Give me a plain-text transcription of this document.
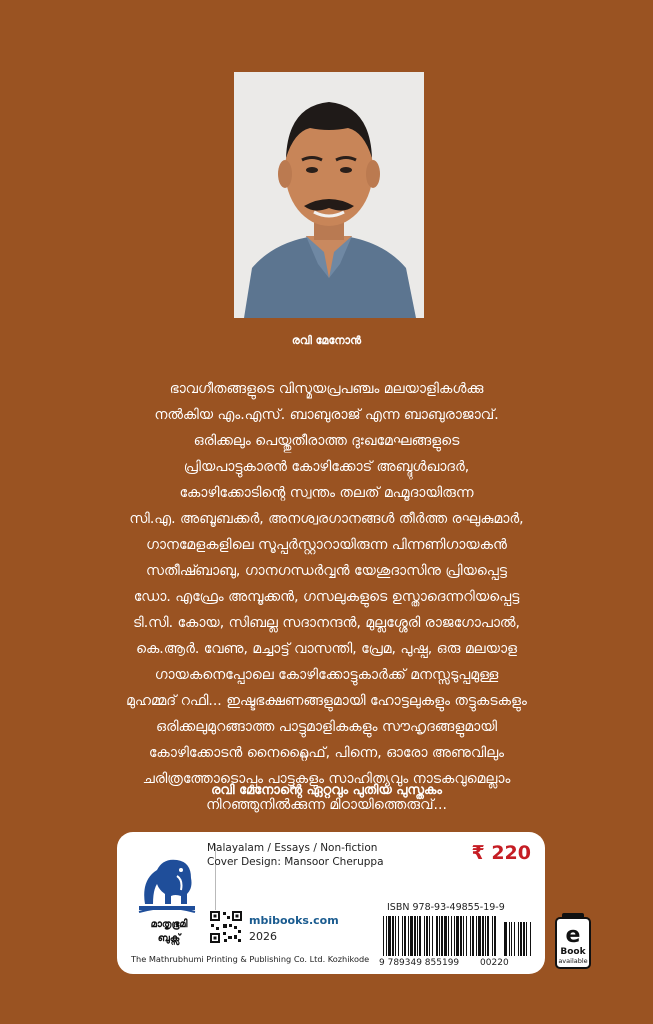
രവി മേനോൻ

ഭാവഗീതങ്ങളുടെ വിസ്മയപ്രപഞ്ചം മലയാളികൾക്കു

നൽകിയ എം.എസ്. ബാബുരാജ് എന്ന ബാബുരാജാവ്.

ഒരിക്കലും പെയ്തുതീരാത്ത ദുഃഖമേഘങ്ങളുടെ

പ്രിയപാട്ടുകാരൻ കോഴിക്കോട് അബ്ദുൾഖാദർ,

കോഴിക്കോടിന്റെ സ്വന്തം തലത് മഹ്മൂദായിരുന്ന

സി.എ. അബൂബക്കർ, അനശ്വരഗാനങ്ങൾ തീർത്ത രഘുകുമാർ,

ഗാനമേളകളിലെ സൂപ്പർസ്റ്റാറായിരുന്ന പിന്നണിഗായകൻ

സതീഷ്ബാബു, ഗാനഗന്ധർവ്വൻ യേശുദാസിനു പ്രിയപ്പെട്ട

ഡോ. എഫ്രേം അമ്പൂക്കൻ, ഗസലുകളുടെ ഉസ്താദെന്നറിയപ്പെട്ട

ടി.സി. കോയ, സിബല്ല സദാനന്ദൻ, മുല്ലശ്ശേരി രാജഗോപാൽ,

കെ.ആർ. വേണു, മച്ചാട്ട് വാസന്തി, പ്രേമ, പുഷ്പ, ഒരു മലയാള

ഗായകനെപ്പോലെ കോഴിക്കോട്ടുകാർക്ക് മനസ്സടുപ്പമുള്ള

മുഹമ്മദ് റഫി... ഇഷ്ടഭക്ഷണങ്ങളുമായി ഹോട്ടലുകളും തട്ടുകടകളും

ഒരിക്കലുമുറങ്ങാത്ത പാട്ടുമാളികകളും സൗഹൃദങ്ങളുമായി

കോഴിക്കോടൻ നൈറ്റ്ലൈഫ്, പിന്നെ, ഓരോ അണുവിലും

ചരിത്രത്തോടൊപ്പം പാട്ടുകളും സാഹിത്യവും നാടകവുമെല്ലാം

നിറഞ്ഞുനിൽക്കുന്ന മിഠായിത്തെരുവ്...

രവി മേനോന്റെ ഏറ്റവും പുതിയ പുസ്തകം
മാതൃഭൂമി
ബുക്സ്
Malayalam / Essays / Non-fiction
Cover Design: Mansoor Cheruppa	₹ 220
mbibooks.com
2026
The Mathrubhumi Printing & Publishing Co. Ltd. Kozhikode
ISBN 978-93-49855-19-9
9 789349 855199 00220
e
Book
available
